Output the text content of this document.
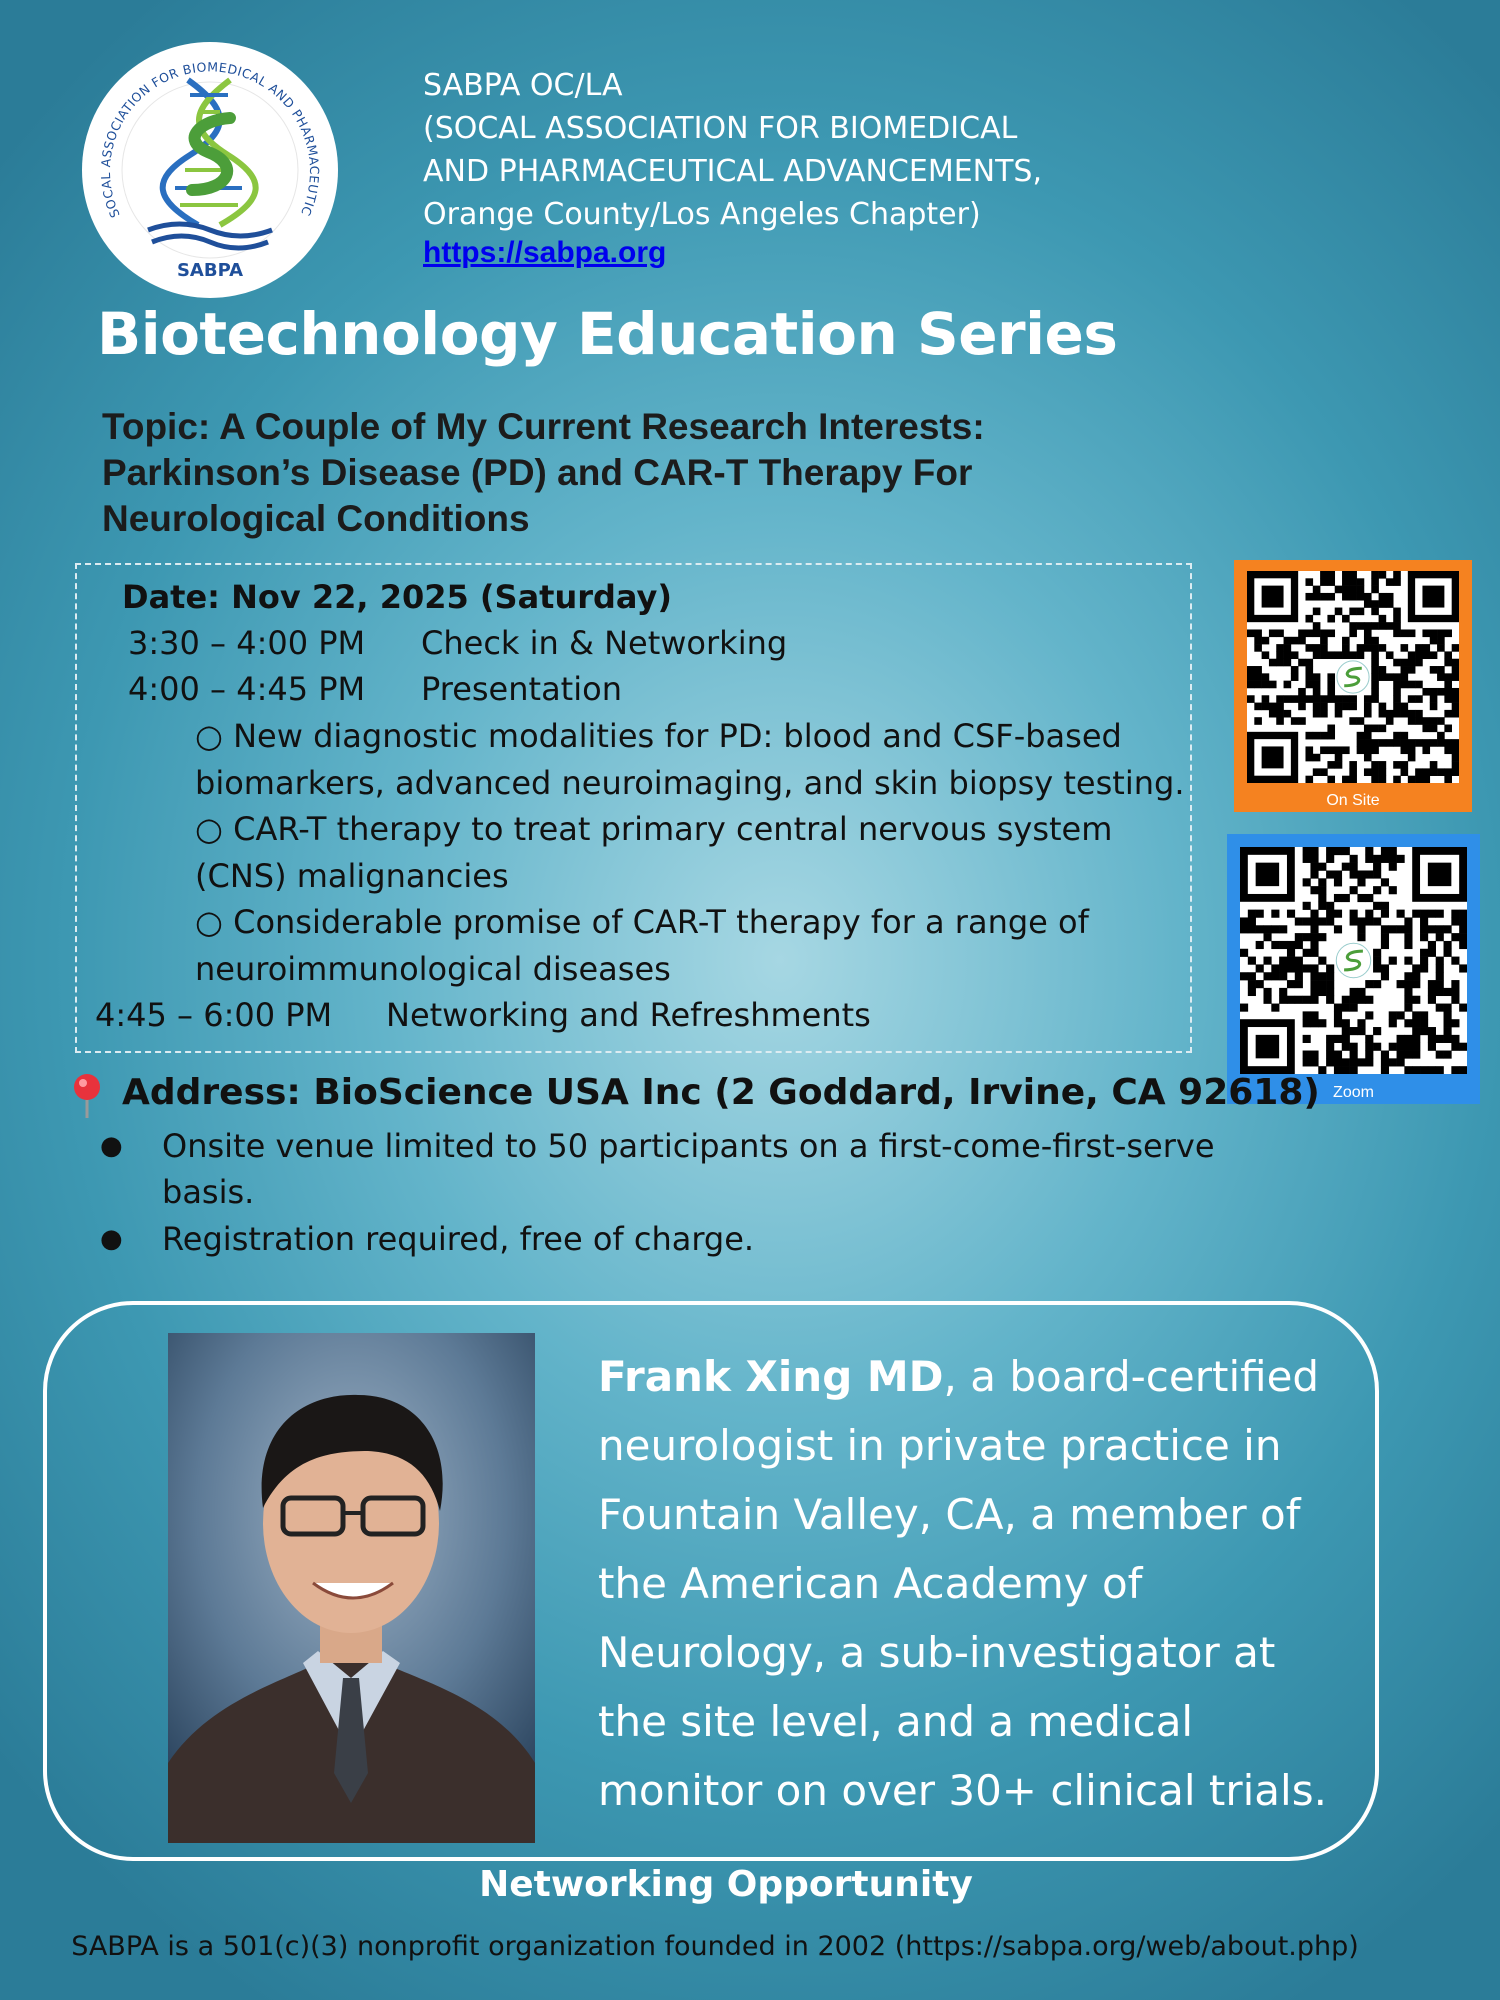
SOCAL ASSOCIATION FOR BIOMEDICAL AND PHARMACEUTIC
SABPA
SABPA OC/LA
(SOCAL ASSOCIATION FOR BIOMEDICAL
AND PHARMACEUTICAL ADVANCEMENTS,
Orange County/Los Angeles Chapter)
https://sabpa.org
Biotechnology Education Series
Topic: A Couple of My Current Research Interests:
Parkinson’s Disease (PD) and CAR-T Therapy For
Neurological Conditions
Date: Nov 22, 2025 (Saturday)
3:30 – 4:00 PM Check in & Networking
4:00 – 4:45 PM Presentation
○ New diagnostic modalities for PD: blood and CSF-based
biomarkers, advanced neuroimaging, and skin biopsy testing.
○ CAR-T therapy to treat primary central nervous system
(CNS) malignancies
○ Considerable promise of CAR-T therapy for a range of
neuroimmunological diseases
4:45 – 6:00 PM Networking and Refreshments
On Site
Zoom
Address: BioScience USA Inc (2 Goddard, Irvine, CA 92618)
● Onsite venue limited to 50 participants on a first-come-first-serve
basis.
● Registration required, free of charge.
Frank Xing MD, a board-certified
neurologist in private practice in
Fountain Valley, CA, a member of
the American Academy of
Neurology, a sub-investigator at
the site level, and a medical
monitor on over 30+ clinical trials.
Networking Opportunity
SABPA is a 501(c)(3) nonprofit organization founded in 2002 (https://sabpa.org/web/about.php)
